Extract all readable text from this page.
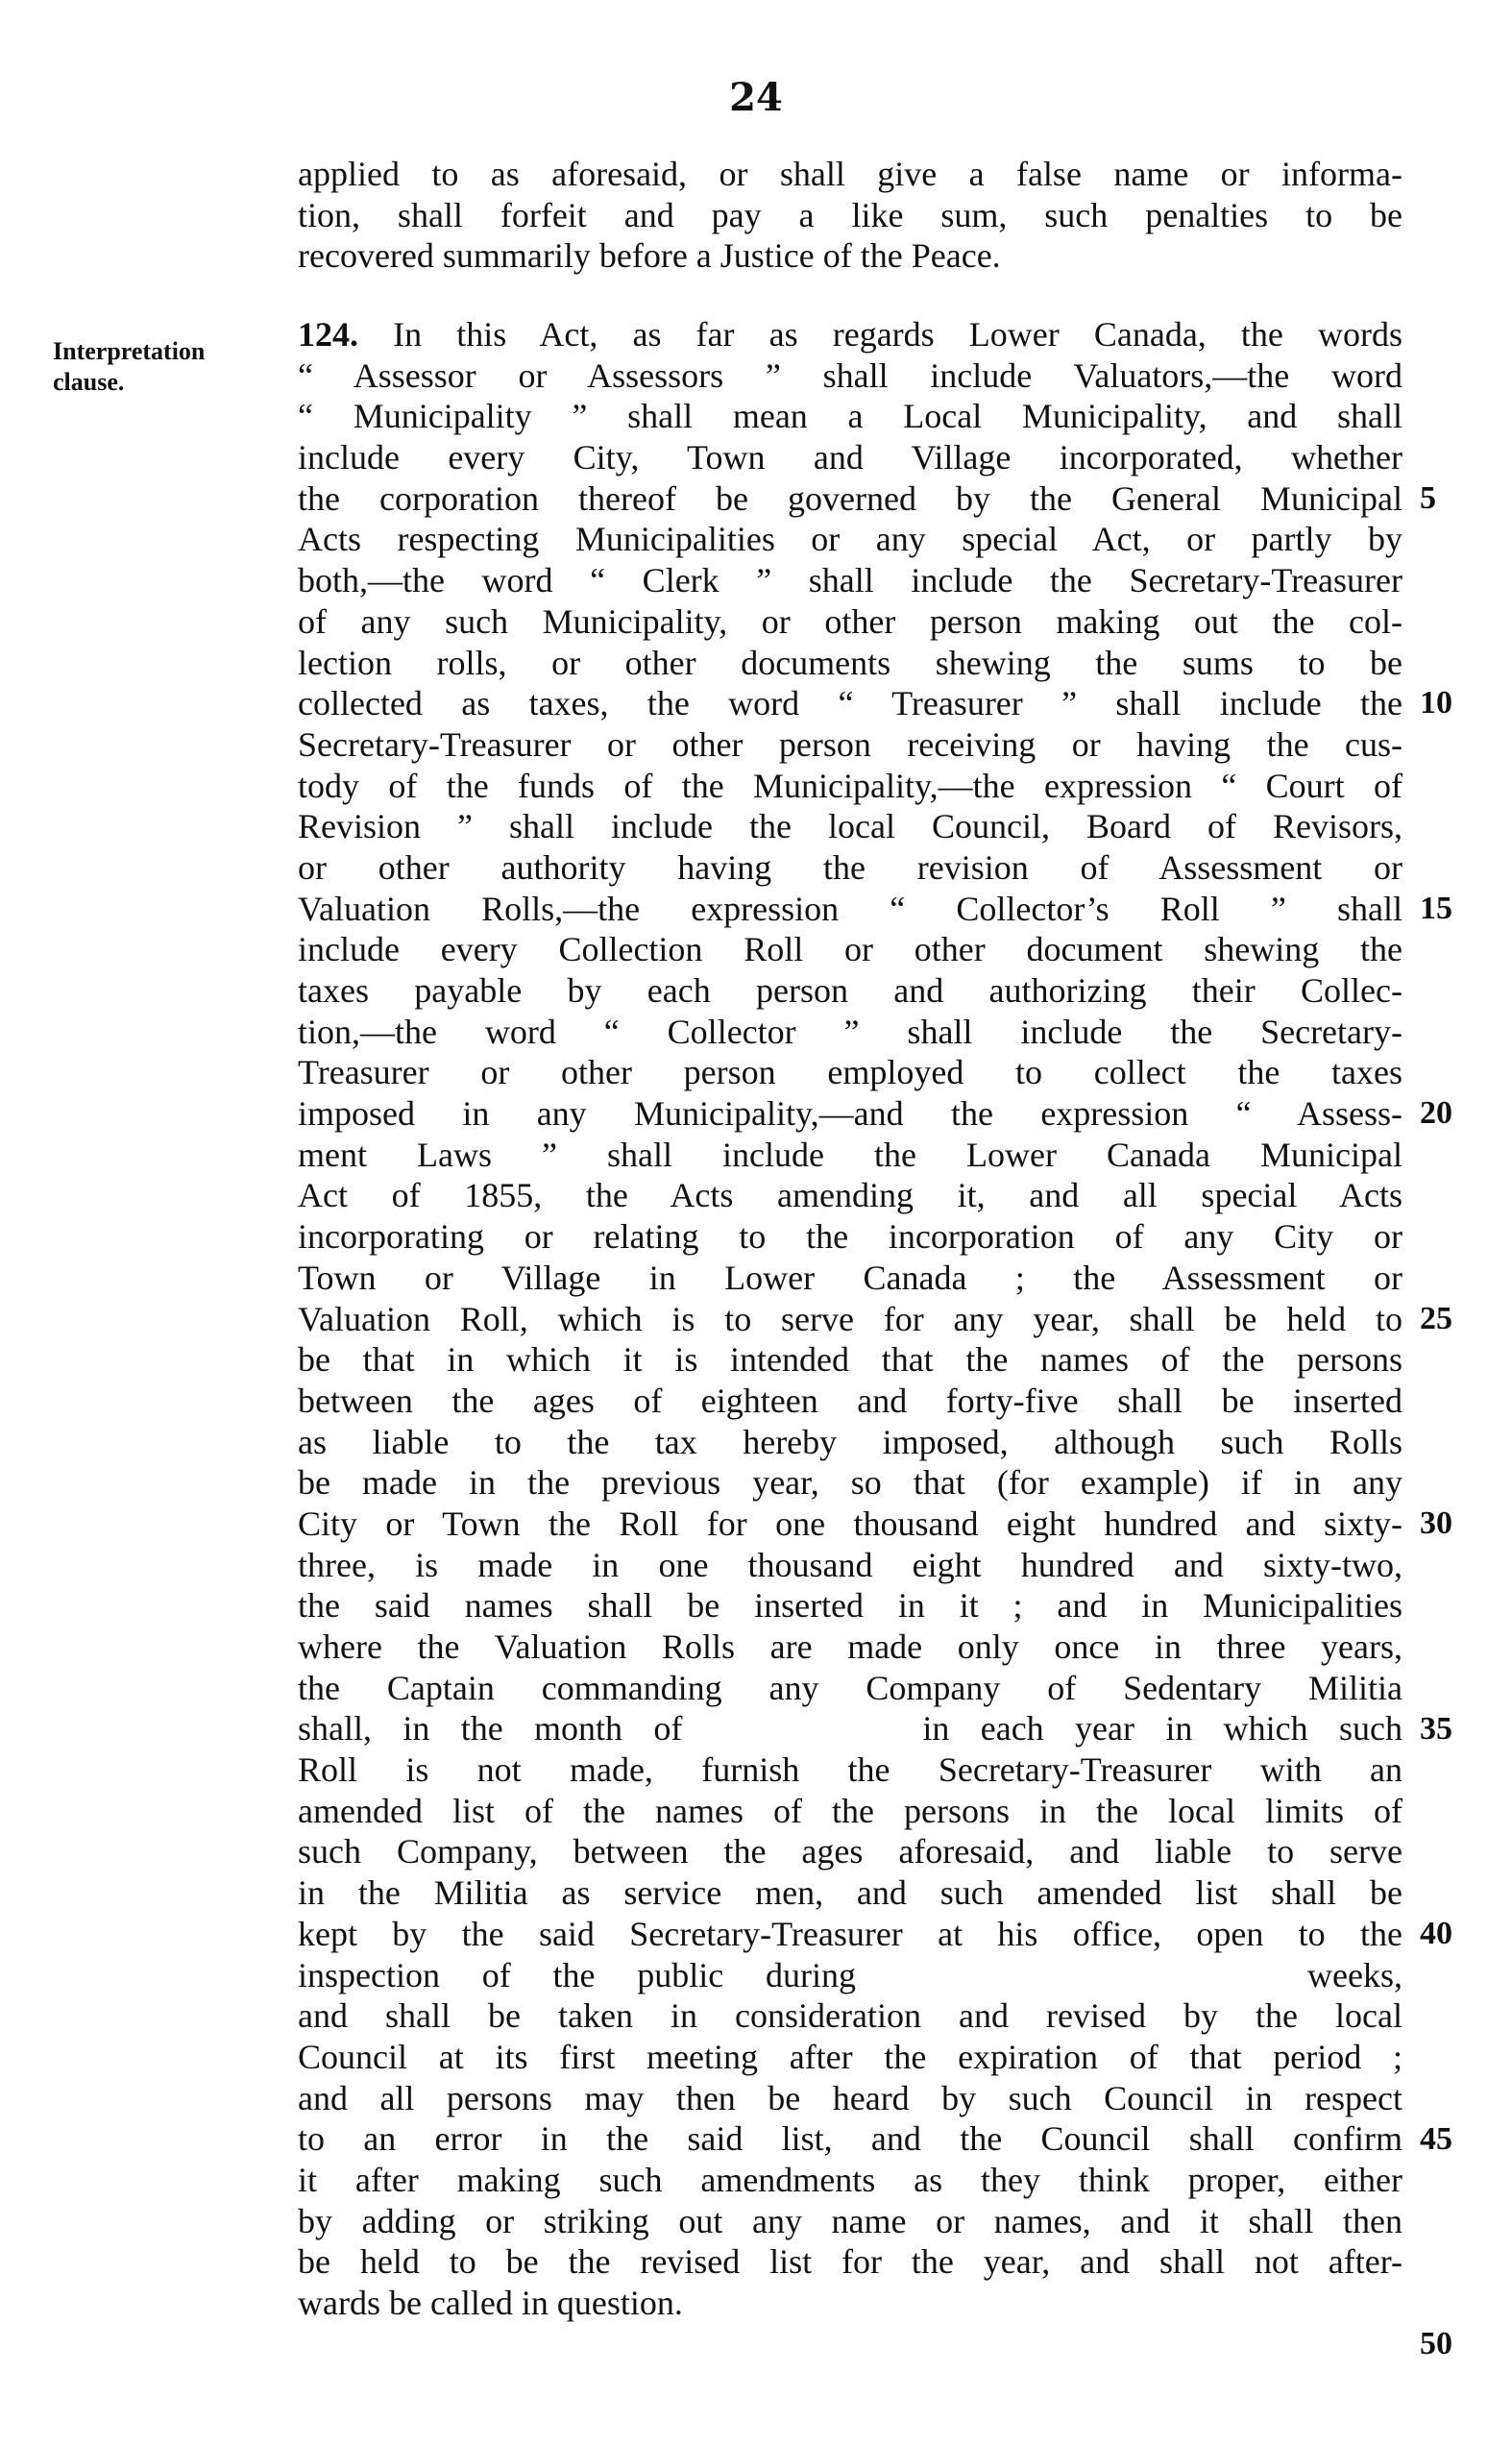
24
Interpretation clause.
applied to as aforesaid, or shall give a false name or informa-
tion, shall forfeit and pay a like sum, such penalties to be
recovered summarily before a Justice of the Peace.
124. In this Act, as far as regards Lower Canada, the words
“ Assessor or Assessors ” shall include Valuators,—the word
“ Municipality ” shall mean a Local Municipality, and shall
include every City, Town and Village incorporated, whether
the corporation thereof be governed by the General Municipal
Acts respecting Municipalities or any special Act, or partly by
both,—the word “ Clerk ” shall include the Secretary-Treasurer
of any such Municipality, or other person making out the col-
lection rolls, or other documents shewing the sums to be
collected as taxes, the word “ Treasurer ” shall include the
Secretary-Treasurer or other person receiving or having the cus-
tody of the funds of the Municipality,—the expression “ Court of
Revision ” shall include the local Council, Board of Revisors,
or other authority having the revision of Assessment or
Valuation Rolls,—the expression “ Collector’s Roll ” shall
include every Collection Roll or other document shewing the
taxes payable by each person and authorizing their Collec-
tion,—the word “ Collector ” shall include the Secretary-
Treasurer or other person employed to collect the taxes
imposed in any Municipality,—and the expression “ Assess-
ment Laws ” shall include the Lower Canada Municipal
Act of 1855, the Acts amending it, and all special Acts
incorporating or relating to the incorporation of any City or
Town or Village in Lower Canada ; the Assessment or
Valuation Roll, which is to serve for any year, shall be held to
be that in which it is intended that the names of the persons
between the ages of eighteen and forty-five shall be inserted
as liable to the tax hereby imposed, although such Rolls
be made in the previous year, so that (for example) if in any
City or Town the Roll for one thousand eight hundred and sixty-
three, is made in one thousand eight hundred and sixty-two,
the said names shall be inserted in it ; and in Municipalities
where the Valuation Rolls are made only once in three years,
the Captain commanding any Company of Sedentary Militia
shall, in the month of	in each year in which such
Roll is not made, furnish the Secretary-Treasurer with an
amended list of the names of the persons in the local limits of
such Company, between the ages aforesaid, and liable to serve
in the Militia as service men, and such amended list shall be
kept by the said Secretary-Treasurer at his office, open to the
inspection of the public during	weeks,
and shall be taken in consideration and revised by the local
Council at its first meeting after the expiration of that period ;
and all persons may then be heard by such Council in respect
to an error in the said list, and the Council shall confirm
it after making such amendments as they think proper, either
by adding or striking out any name or names, and it shall then
be held to be the revised list for the year, and shall not after-
wards be called in question.
5
10
15
20
25
30
35
40
45
50
